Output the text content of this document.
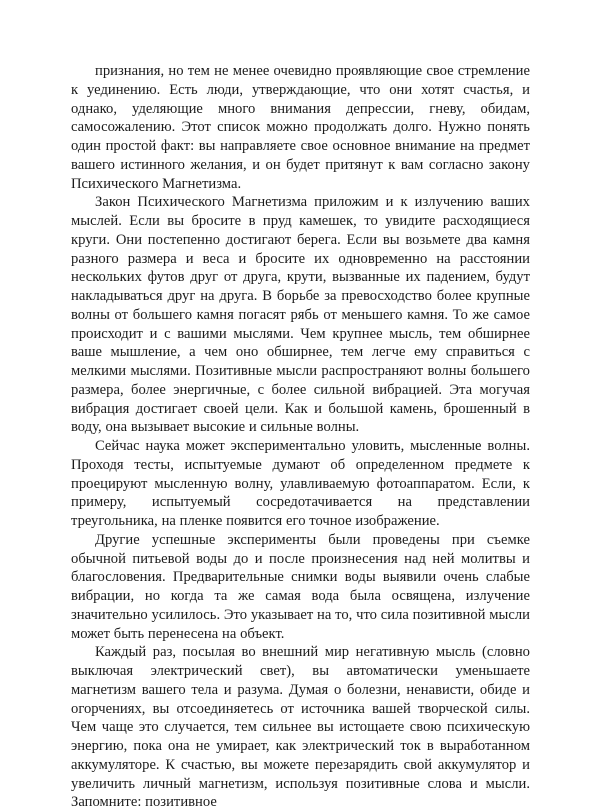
признания, но тем не менее очевидно проявляющие свое стремление к уединению. Есть люди, утверждающие, что они хотят счастья, и однако, уделяющие много внимания депрессии, гневу, обидам, самосожалению. Этот список можно продолжать долго. Нужно понять один простой факт: вы направляете свое основное внимание на предмет вашего истинного желания, и он будет притянут к вам согласно закону Психического Магнетизма.

Закон Психического Магнетизма приложим и к излучению ваших мыслей. Если вы бросите в пруд камешек, то увидите расходящиеся круги. Они постепенно достигают берега. Если вы возьмете два камня разного размера и веса и бросите их одновременно на расстоянии нескольких футов друг от друга, крути, вызванные их падением, будут накладываться друг на друга. В борьбе за превосходство более крупные волны от большего камня погасят рябь от меньшего камня. То же самое происходит и с вашими мыслями. Чем крупнее мысль, тем обширнее ваше мышление, а чем оно обширнее, тем легче ему справиться с мелкими мыслями. Позитивные мысли распространяют волны большего размера, более энергичные, с более сильной вибрацией. Эта могучая вибрация достигает своей цели. Как и большой камень, брошенный в воду, она вызывает высокие и сильные волны.

Сейчас наука может экспериментально уловить, мысленные волны. Проходя тесты, испытуемые думают об определенном предмете к проецируют мысленную волну, улавливаемую фотоаппаратом. Если, к примеру, испытуемый сосредотачивается на представлении треугольника, на пленке появится его точное изображение.

Другие успешные эксперименты были проведены при съемке обычной питьевой воды до и после произнесения над ней молитвы и благословения. Предварительные снимки воды выявили очень слабые вибрации, но когда та же самая вода была освящена, излучение значительно усилилось. Это указывает на то, что сила позитивной мысли может быть перенесена на объект.

Каждый раз, посылая во внешний мир негативную мысль (словно выключая электрический свет), вы автоматически уменьшаете магнетизм вашего тела и разума. Думая о болезни, ненависти, обиде и огорчениях, вы отсоединяетесь от источника вашей творческой силы. Чем чаще это случается, тем сильнее вы истощаете свою психическую энергию, пока она не умирает, как электрический ток в выработанном аккумуляторе. К счастью, вы можете перезарядить свой аккумулятор и увеличить личный магнетизм, используя позитивные слова и мысли. Запомните: позитивное
